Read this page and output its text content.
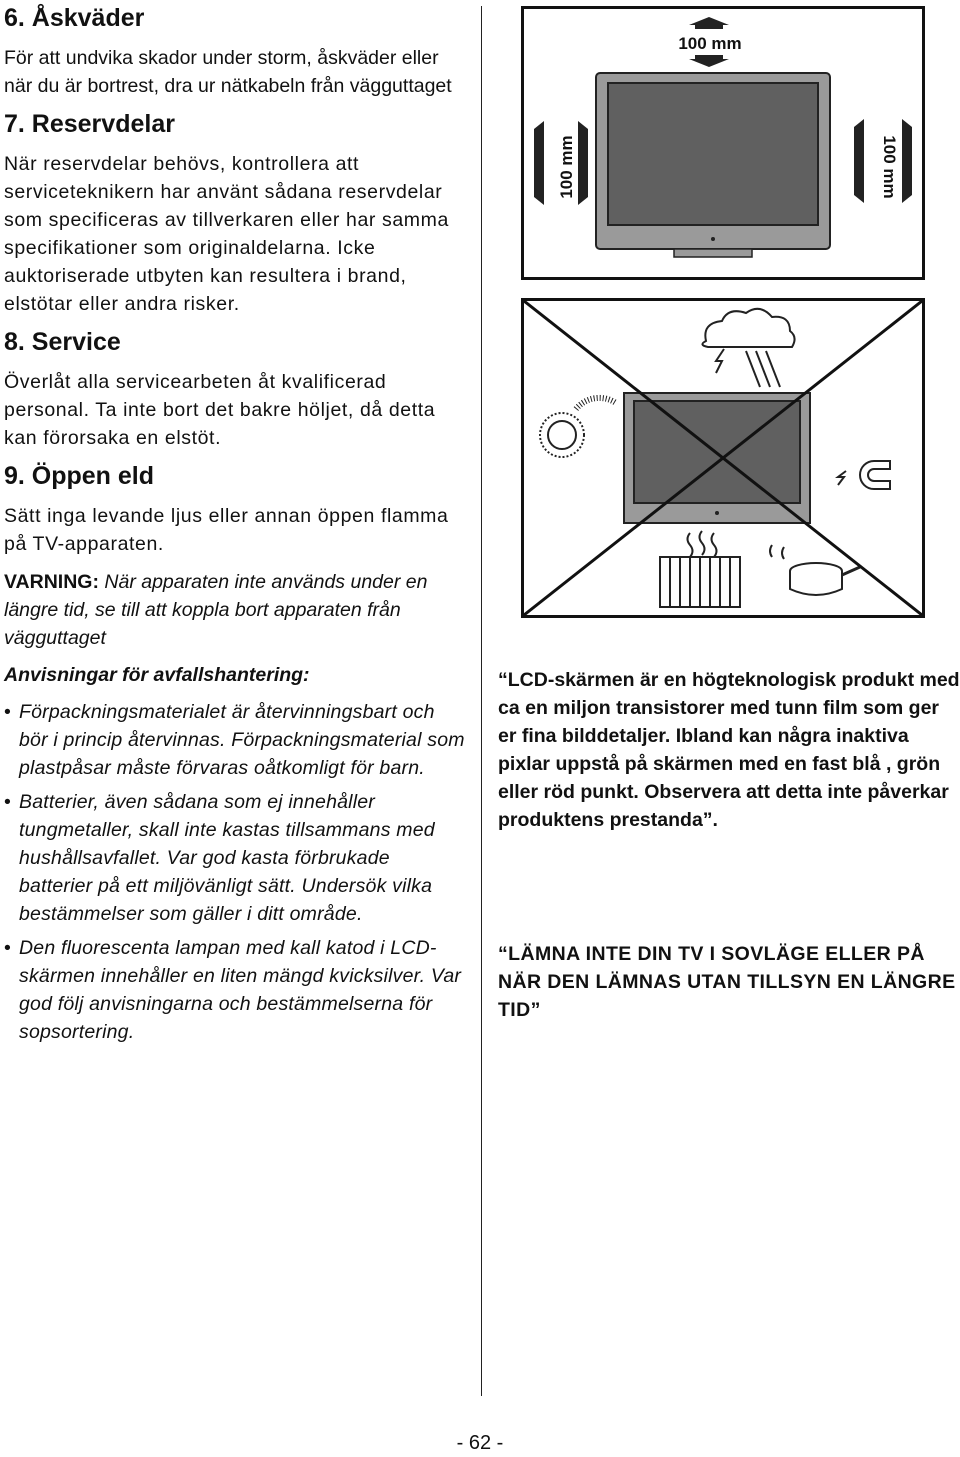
6. Åskväder

För att undvika skador under storm, åskväder eller när du är bortrest, dra ur nätkabeln från vägguttaget

7. Reservdelar

När reservdelar behövs, kontrollera att serviceteknikern har använt sådana reservdelar som specificeras av tillverkaren eller har samma specifikationer som originaldelarna. Icke auktoriserade utbyten kan resultera i brand, elstötar eller andra risker.

8. Service

Överlåt alla servicearbeten åt kvalificerad personal. Ta inte bort det bakre höljet, då detta kan förorsaka en elstöt.

9. Öppen eld

Sätt inga levande ljus eller annan öppen flamma på TV-apparaten.

VARNING: När apparaten inte används under en längre tid, se till att koppla bort apparaten från vägguttaget

Anvisningar för avfallshantering:
• Förpackningsmaterialet är återvinningsbart och bör i princip återvinnas. Förpackningsmaterial som plastpåsar måste förvaras oåtkomligt för barn.
• Batterier, även sådana som ej innehåller tungmetaller, skall inte kastas tillsammans med hushållsavfallet. Var god kasta förbrukade batterier på ett miljövänligt sätt. Undersök vilka bestämmelser som gäller i ditt område.
• Den fluorescenta lampan med kall katod i LCD-skärmen innehåller en liten mängd kvicksilver. Var god följ anvisningarna och bestämmelserna för sopsortering.
100 mm
100 mm	100 mm

“LCD-skärmen är en högteknologisk produkt med ca en miljon transistorer med tunn film som ger er fina bilddetaljer. Ibland kan några inaktiva pixlar uppstå på skärmen med en fast blå , grön eller röd punkt. Observera att detta inte påverkar produktens prestanda”.

“LÄMNA INTE DIN TV I SOVLÄGE ELLER PÅ NÄR DEN LÄMNAS UTAN TILLSYN EN LÄNGRE TID”

- 62 -
